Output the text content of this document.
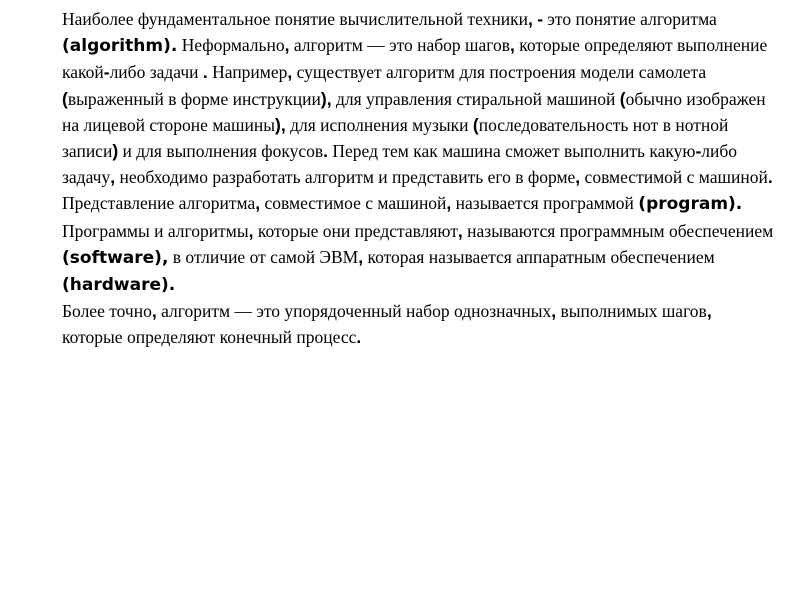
Наиболее фундаментальное понятие вычислительной техники, - это понятие алгоритма (algorithm). Неформально, алгоритм — это набор шагов, которые определяют выполнение какой-либо задачи . Например, существует алгоритм для построения модели самолета (выраженный в форме инструкции), для управления стиральной машиной (обычно изображен на лицевой стороне машины), для исполнения музыки (последовательность нот в нотной записи) и для выполнения фокусов. Перед тем как машина сможет выполнить какую-либо задачу, необходимо разработать алгоритм и представить его в форме, совместимой с машиной. Представление алгоритма, совместимое с машиной, называется программой (program). Программы и алгоритмы, которые они представляют, называются программным обеспечением (software), в отличие от самой ЭВМ, которая называется аппаратным обеспечением (hardware).

Более точно, алгоритм — это упорядоченный набор однозначных, выполнимых шагов, которые определяют конечный процесс.
